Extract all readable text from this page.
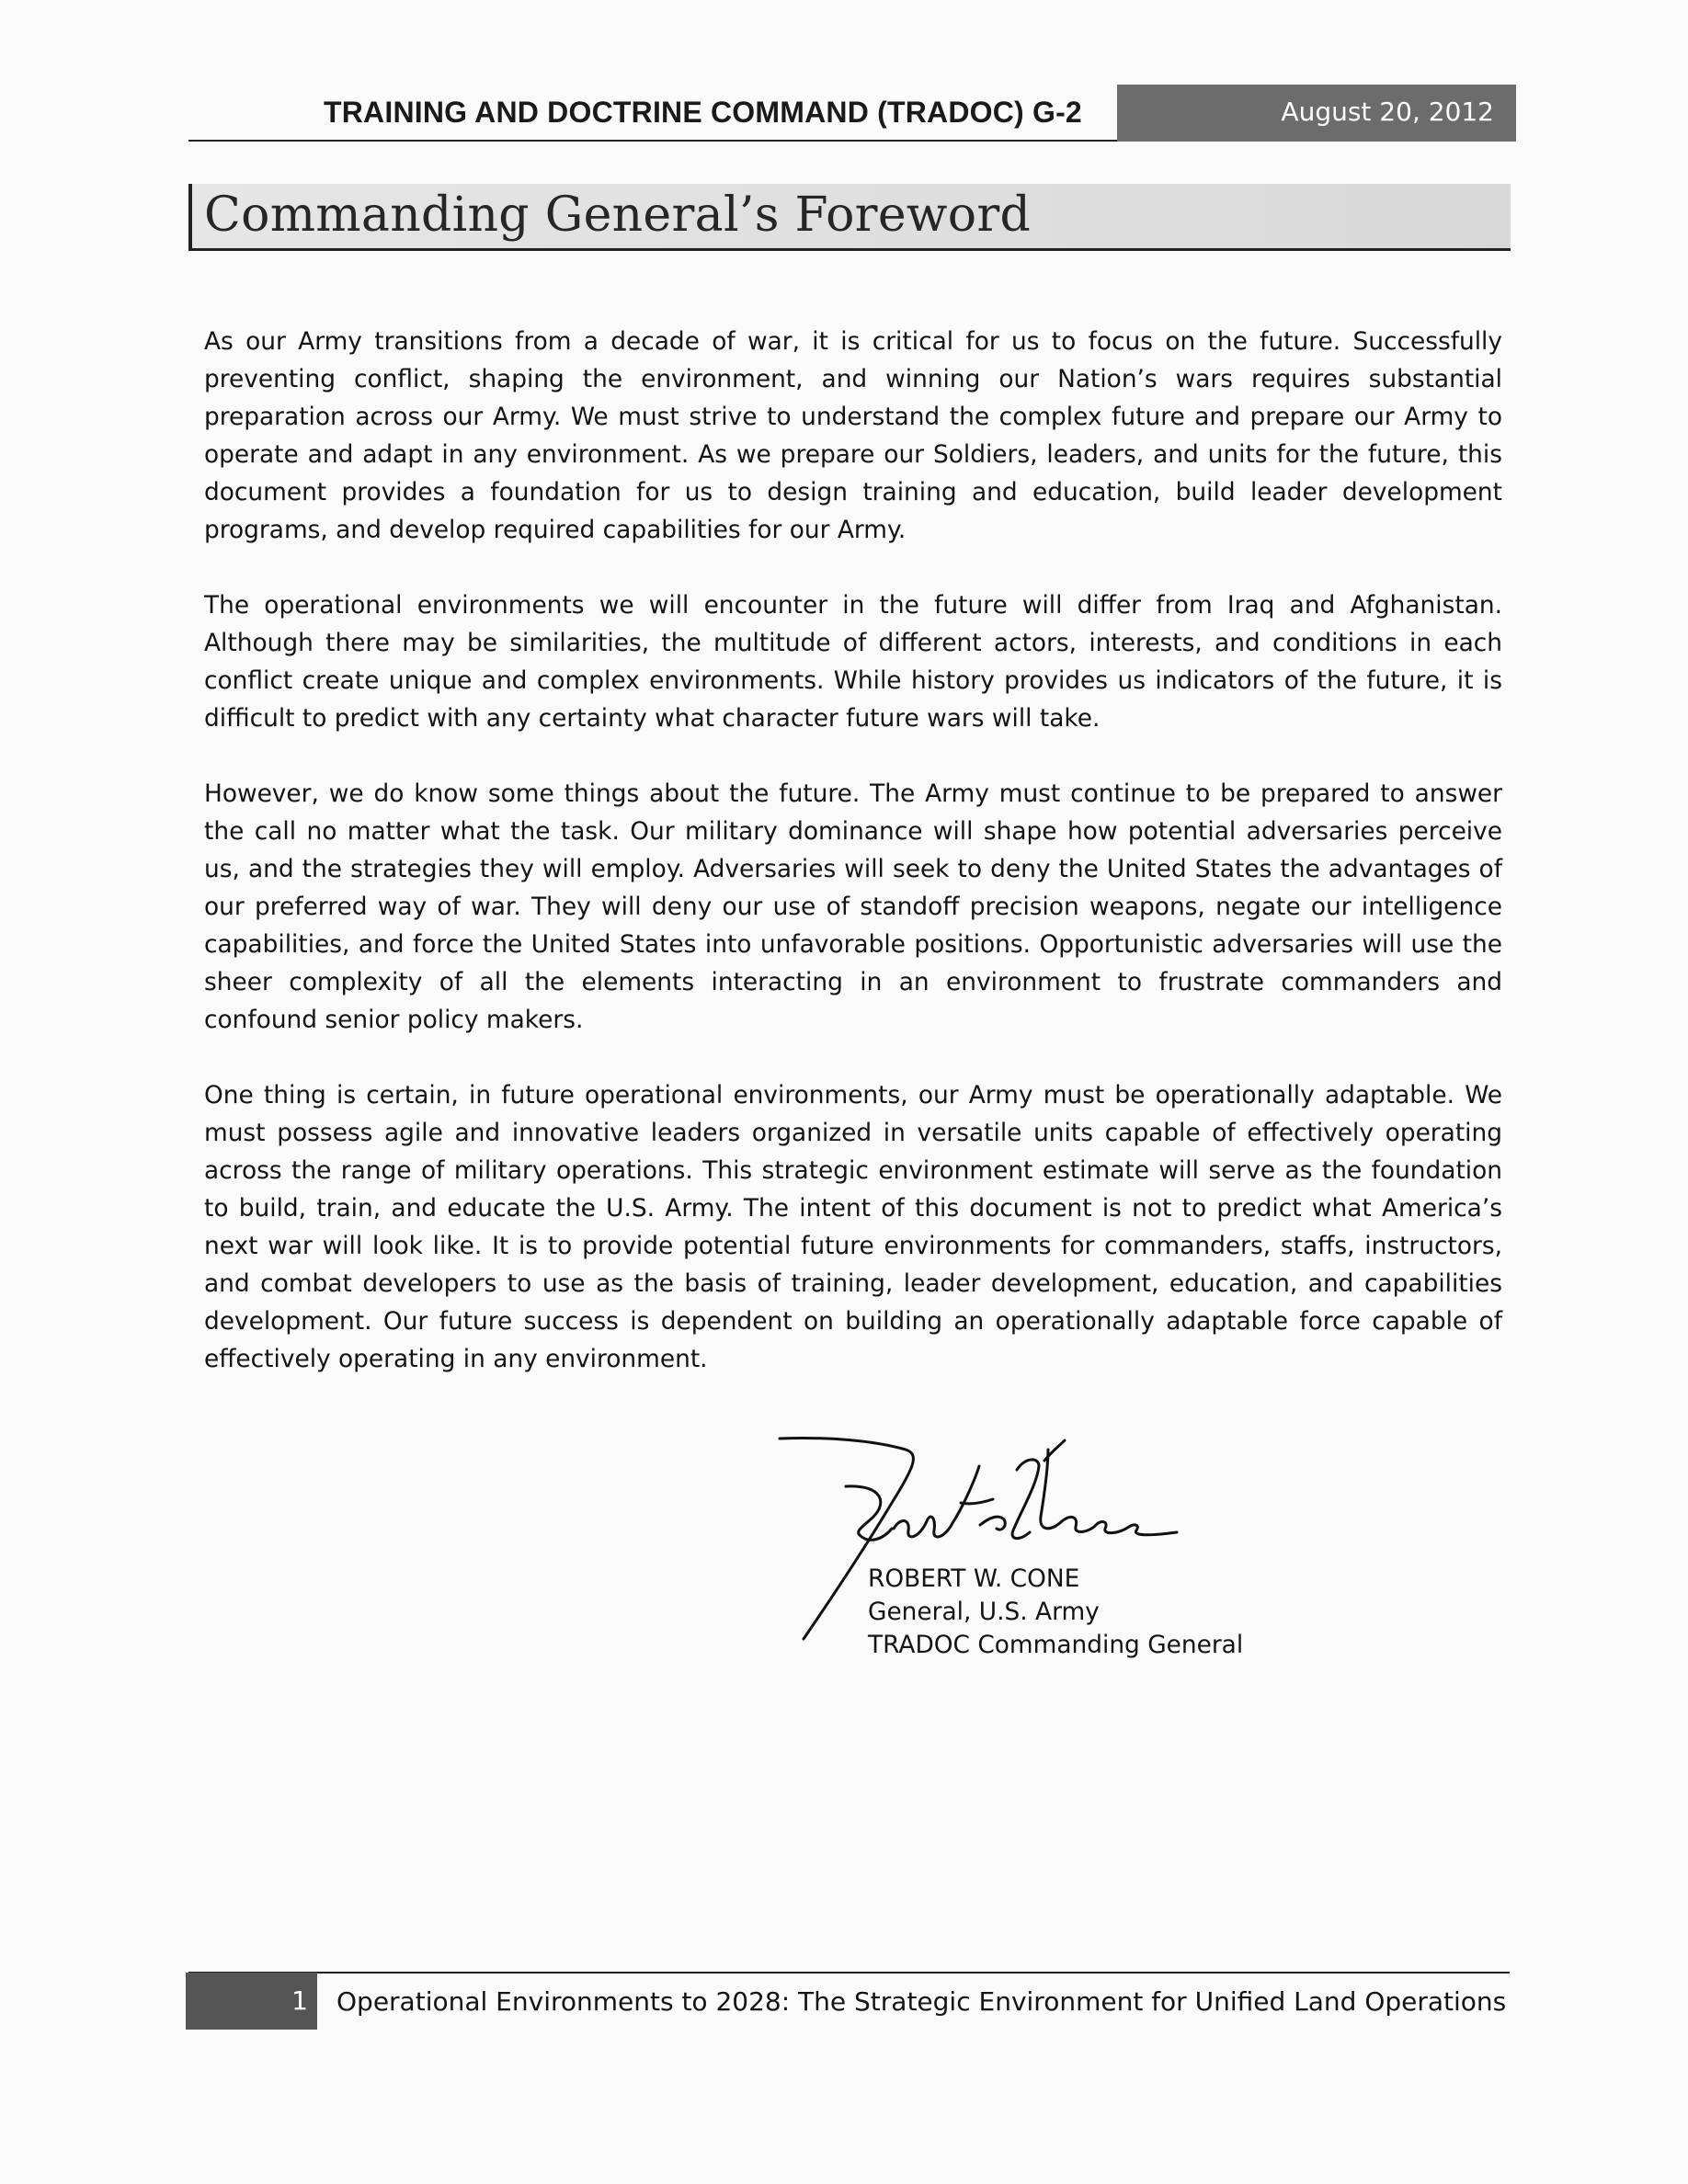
TRAINING AND DOCTRINE COMMAND (TRADOC) G-2	August 20, 2012
Commanding General’s Foreword

As our Army transitions from a decade of war, it is critical for us to focus on the future. Successfully preventing conflict, shaping the environment, and winning our Nation’s wars requires substantial preparation across our Army. We must strive to understand the complex future and prepare our Army to operate and adapt in any environment. As we prepare our Soldiers, leaders, and units for the future, this document provides a foundation for us to design training and education, build leader development programs, and develop required capabilities for our Army.

The operational environments we will encounter in the future will differ from Iraq and Afghanistan. Although there may be similarities, the multitude of different actors, interests, and conditions in each conflict create unique and complex environments. While history provides us indicators of the future, it is difficult to predict with any certainty what character future wars will take.

However, we do know some things about the future. The Army must continue to be prepared to answer the call no matter what the task. Our military dominance will shape how potential adversaries perceive us, and the strategies they will employ. Adversaries will seek to deny the United States the advantages of our preferred way of war. They will deny our use of standoff precision weapons, negate our intelligence capabilities, and force the United States into unfavorable positions. Opportunistic adversaries will use the sheer complexity of all the elements interacting in an environment to frustrate commanders and confound senior policy makers.

One thing is certain, in future operational environments, our Army must be operationally adaptable. We must possess agile and innovative leaders organized in versatile units capable of effectively operating across the range of military operations. This strategic environment estimate will serve as the foundation to build, train, and educate the U.S. Army. The intent of this document is not to predict what America’s next war will look like. It is to provide potential future environments for commanders, staffs, instructors, and combat developers to use as the basis of training, leader development, education, and capabilities development. Our future success is dependent on building an operationally adaptable force capable of effectively operating in any environment.

ROBERT W. CONE
General, U.S. Army
TRADOC Commanding General
1 Operational Environments to 2028: The Strategic Environment for Unified Land Operations
